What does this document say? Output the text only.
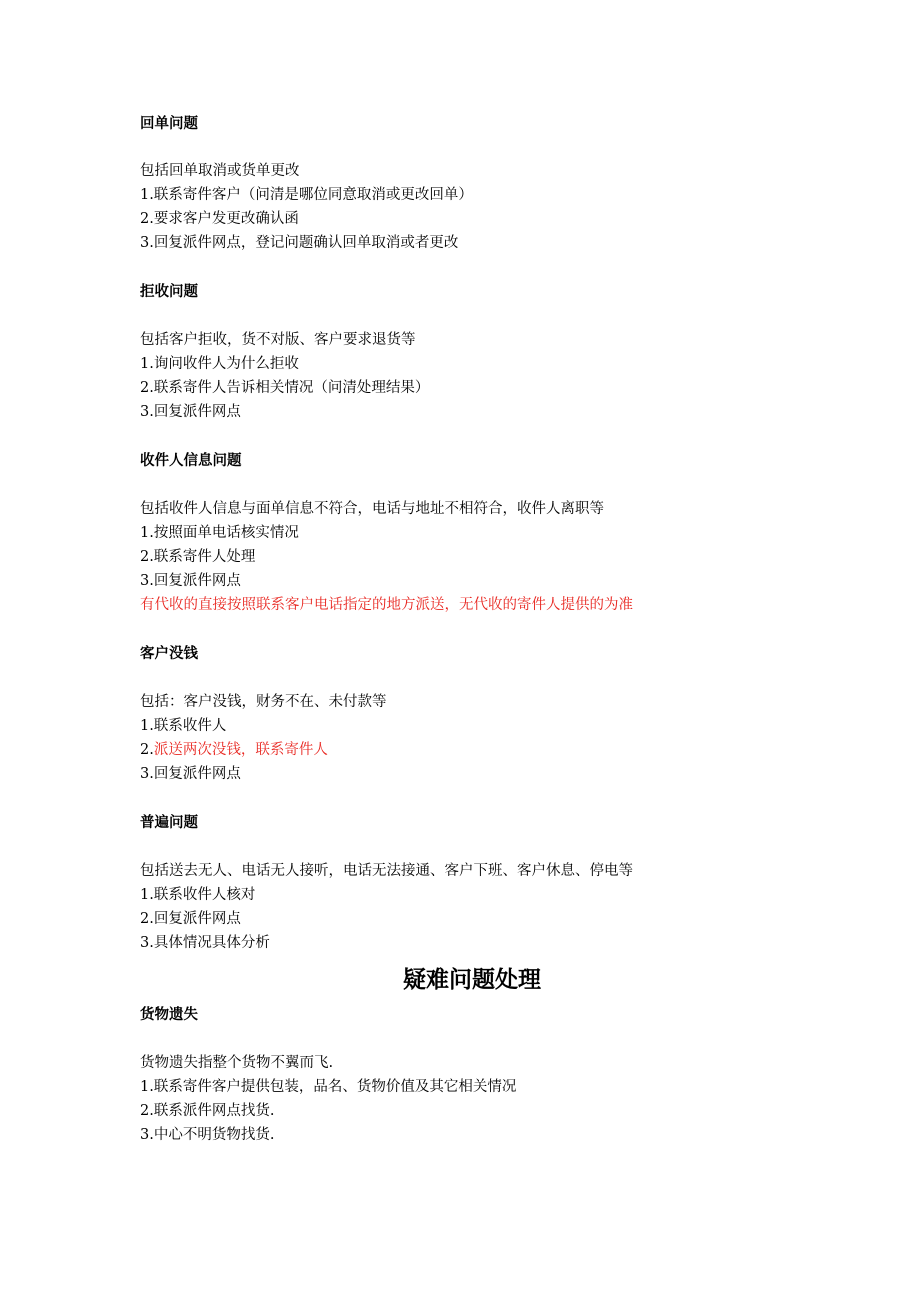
回单问题
包括回单取消或货单更改
1.联系寄件客户（问清是哪位同意取消或更改回单）
2.要求客户发更改确认函
3.回复派件网点，登记问题确认回单取消或者更改
拒收问题
包括客户拒收，货不对版、客户要求退货等
1.询问收件人为什么拒收
2.联系寄件人告诉相关情况（问清处理结果）
3.回复派件网点
收件人信息问题
包括收件人信息与面单信息不符合，电话与地址不相符合，收件人离职等
1.按照面单电话核实情况
2.联系寄件人处理
3.回复派件网点
有代收的直接按照联系客户电话指定的地方派送，无代收的寄件人提供的为准
客户没钱
包括：客户没钱，财务不在、未付款等
1.联系收件人
2.派送两次没钱，联系寄件人
3.回复派件网点
普遍问题
包括送去无人、电话无人接听，电话无法接通、客户下班、客户休息、停电等
1.联系收件人核对
2.回复派件网点
3.具体情况具体分析
疑难问题处理
货物遗失
货物遗失指整个货物不翼而飞.
1.联系寄件客户提供包装，品名、货物价值及其它相关情况
2.联系派件网点找货.
3.中心不明货物找货.
